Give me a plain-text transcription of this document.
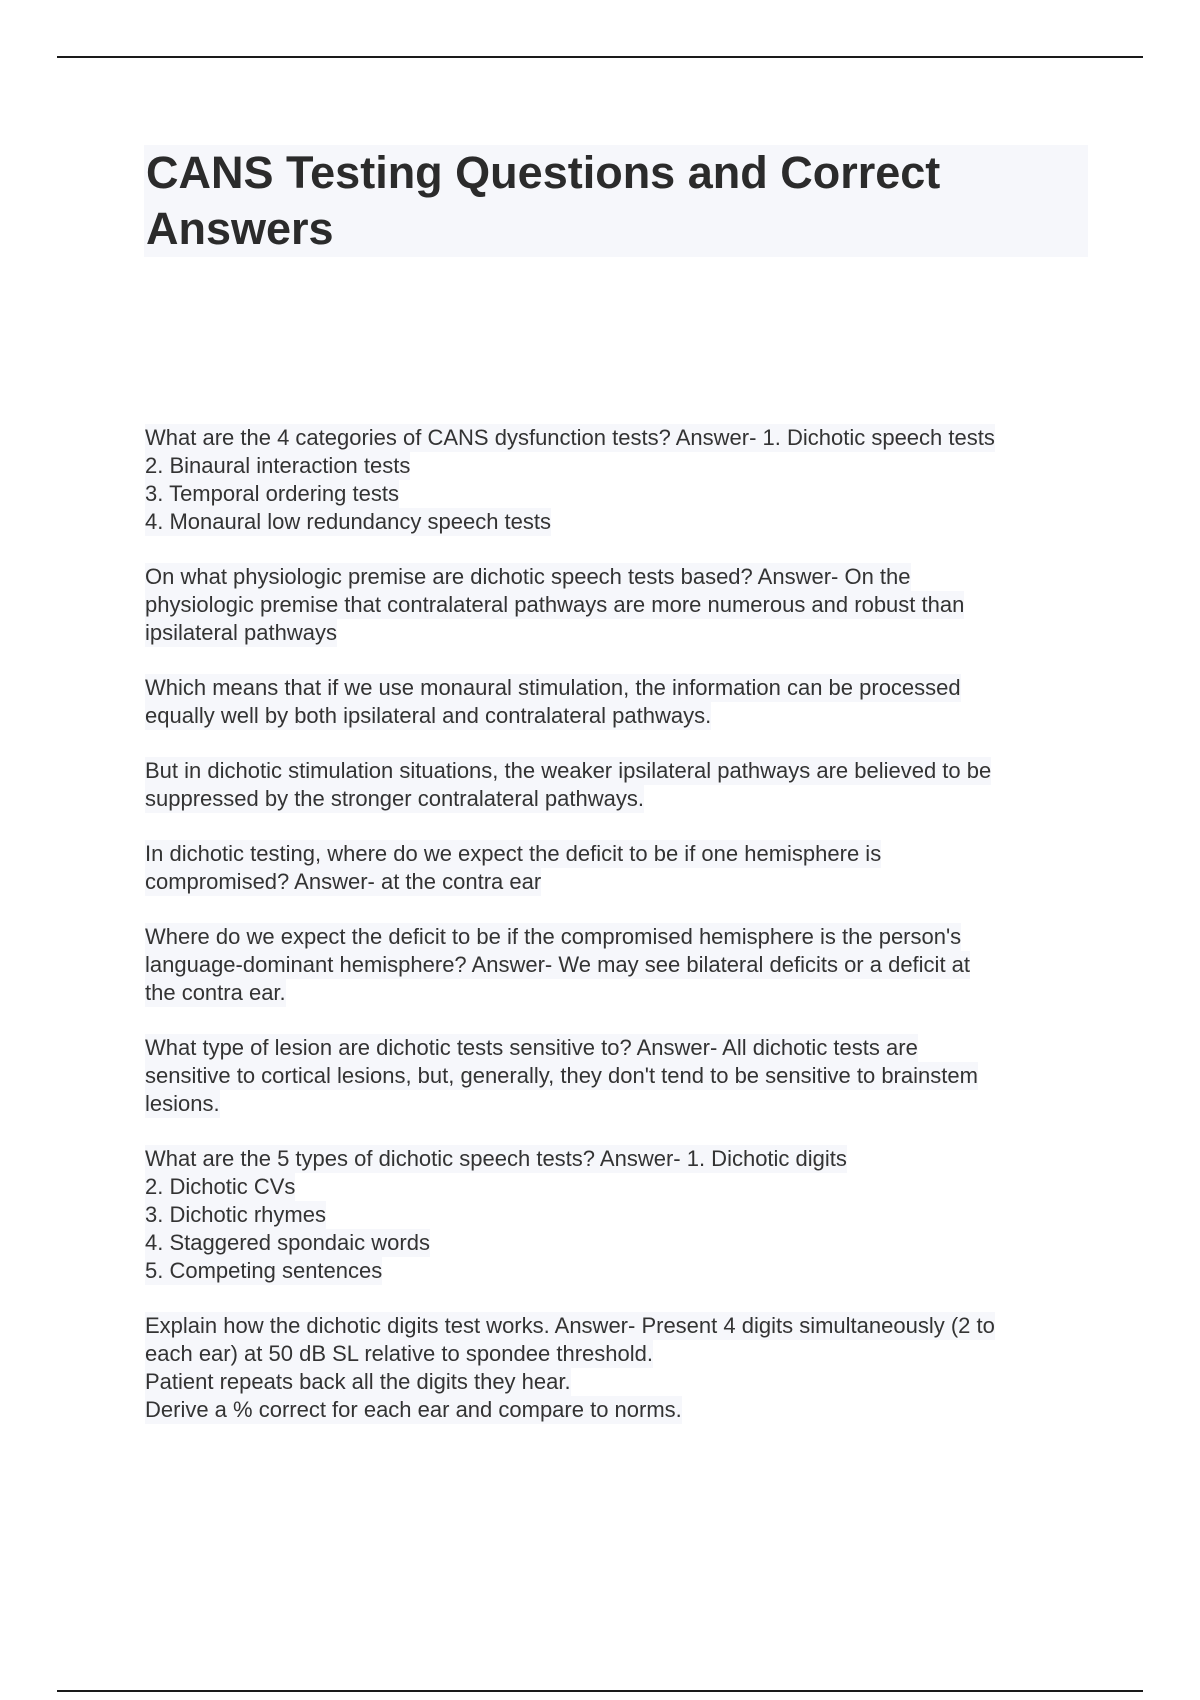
CANS Testing Questions and Correct
Answers
What are the 4 categories of CANS dysfunction tests? Answer- 1. Dichotic speech tests
2. Binaural interaction tests
3. Temporal ordering tests
4. Monaural low redundancy speech tests
On what physiologic premise are dichotic speech tests based? Answer- On the
physiologic premise that contralateral pathways are more numerous and robust than
ipsilateral pathways
Which means that if we use monaural stimulation, the information can be processed
equally well by both ipsilateral and contralateral pathways.
But in dichotic stimulation situations, the weaker ipsilateral pathways are believed to be
suppressed by the stronger contralateral pathways.
In dichotic testing, where do we expect the deficit to be if one hemisphere is
compromised? Answer- at the contra ear
Where do we expect the deficit to be if the compromised hemisphere is the person's
language-dominant hemisphere? Answer- We may see bilateral deficits or a deficit at
the contra ear.
What type of lesion are dichotic tests sensitive to? Answer- All dichotic tests are
sensitive to cortical lesions, but, generally, they don't tend to be sensitive to brainstem
lesions.
What are the 5 types of dichotic speech tests? Answer- 1. Dichotic digits
2. Dichotic CVs
3. Dichotic rhymes
4. Staggered spondaic words
5. Competing sentences
Explain how the dichotic digits test works. Answer- Present 4 digits simultaneously (2 to
each ear) at 50 dB SL relative to spondee threshold.
Patient repeats back all the digits they hear.
Derive a % correct for each ear and compare to norms.
